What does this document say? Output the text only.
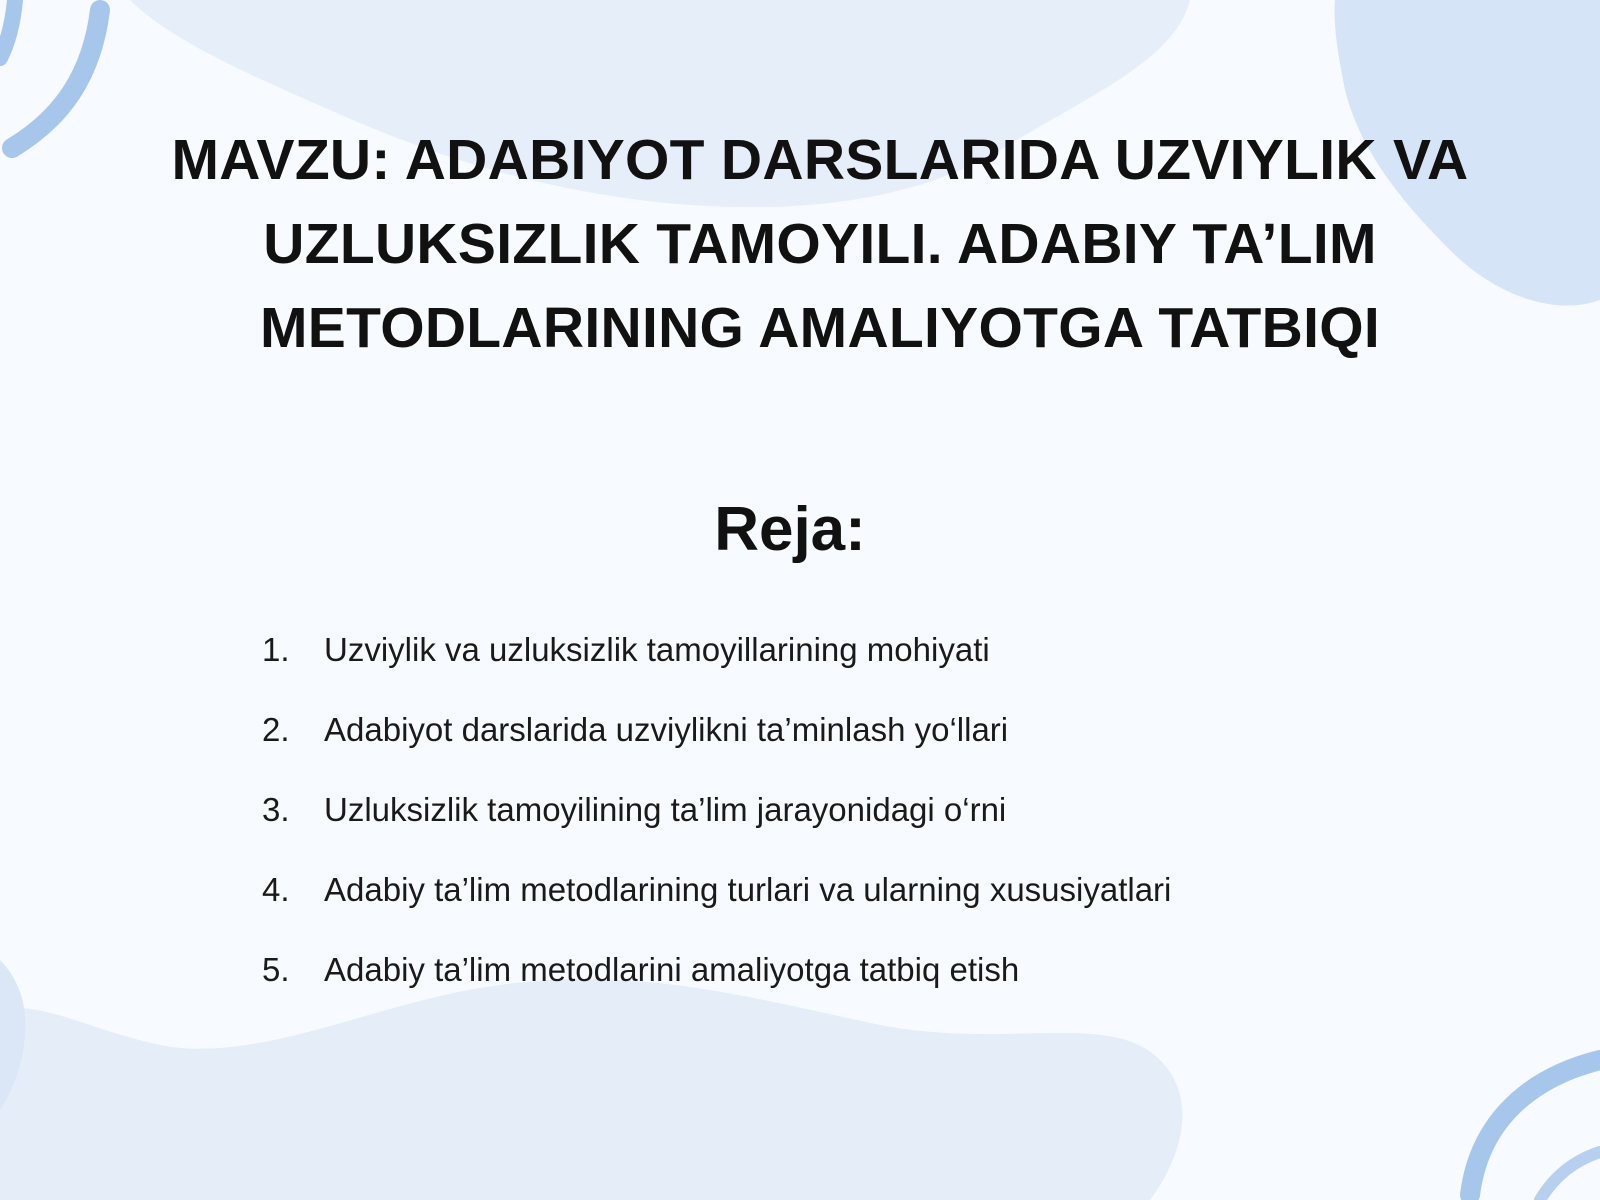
MAVZU: ADABIYOT DARSLARIDA UZVIYLIK VA UZLUKSIZLIK TAMOYILI. ADABIY TA’LIM METODLARINING AMALIYOTGA TATBIQI
Reja:
1.	Uzviylik va uzluksizlik tamoyillarining mohiyati
2.	Adabiyot darslarida uzviylikni ta’minlash yo‘llari
3.	Uzluksizlik tamoyilining ta’lim jarayonidagi o‘rni
4.	Adabiy ta’lim metodlarining turlari va ularning xususiyatlari
5.	Adabiy ta’lim metodlarini amaliyotga tatbiq etish
